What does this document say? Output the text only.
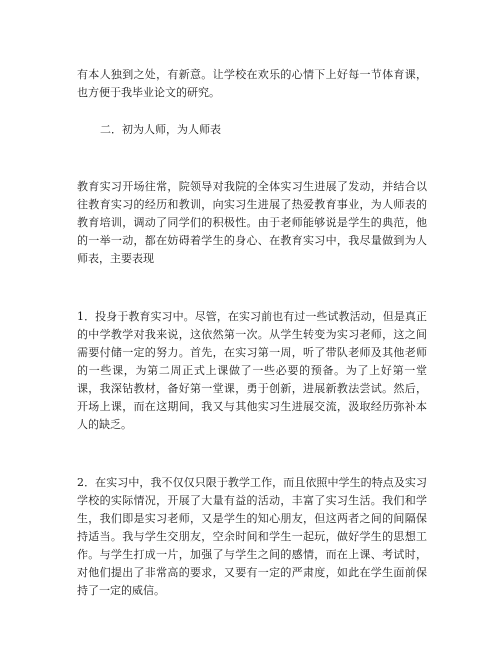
有本人独到之处，有新意。让学校在欢乐的心情下上好每一节体育课，也方便于我毕业论文的研究。

二．初为人师，为人师表

教育实习开场往常，院领导对我院的全体实习生进展了发动，并结合以往教育实习的经历和教训，向实习生进展了热爱教育事业，为人师表的教育培训，调动了同学们的积极性。由于老师能够说是学生的典范，他的一举一动，都在妨碍着学生的身心、在教育实习中，我尽量做到为人师表，主要表现

1．投身于教育实习中。尽管，在实习前也有过一些试教活动，但是真正的中学教学对我来说，这依然第一次。从学生转变为实习老师，这之间需要付储一定的努力。首先，在实习第一周，听了带队老师及其他老师的一些课，为第二周正式上课做了一些必要的预备。为了上好第一堂课，我深钻教材，备好第一堂课，勇于创新，进展新教法尝试。然后，开场上课，而在这期间，我又与其他实习生进展交流，汲取经历弥补本人的缺乏。

2．在实习中，我不仅仅只限于教学工作，而且依照中学生的特点及实习学校的实际情况，开展了大量有益的活动，丰富了实习生活。我们和学生，我们即是实习老师，又是学生的知心朋友，但这两者之间的间隔保持适当。我与学生交朋友，空余时间和学生一起玩，做好学生的思想工作。与学生打成一片，加强了与学生之间的感情，而在上课、考试时，对他们提出了非常高的要求，又要有一定的严肃度，如此在学生面前保持了一定的威信。
